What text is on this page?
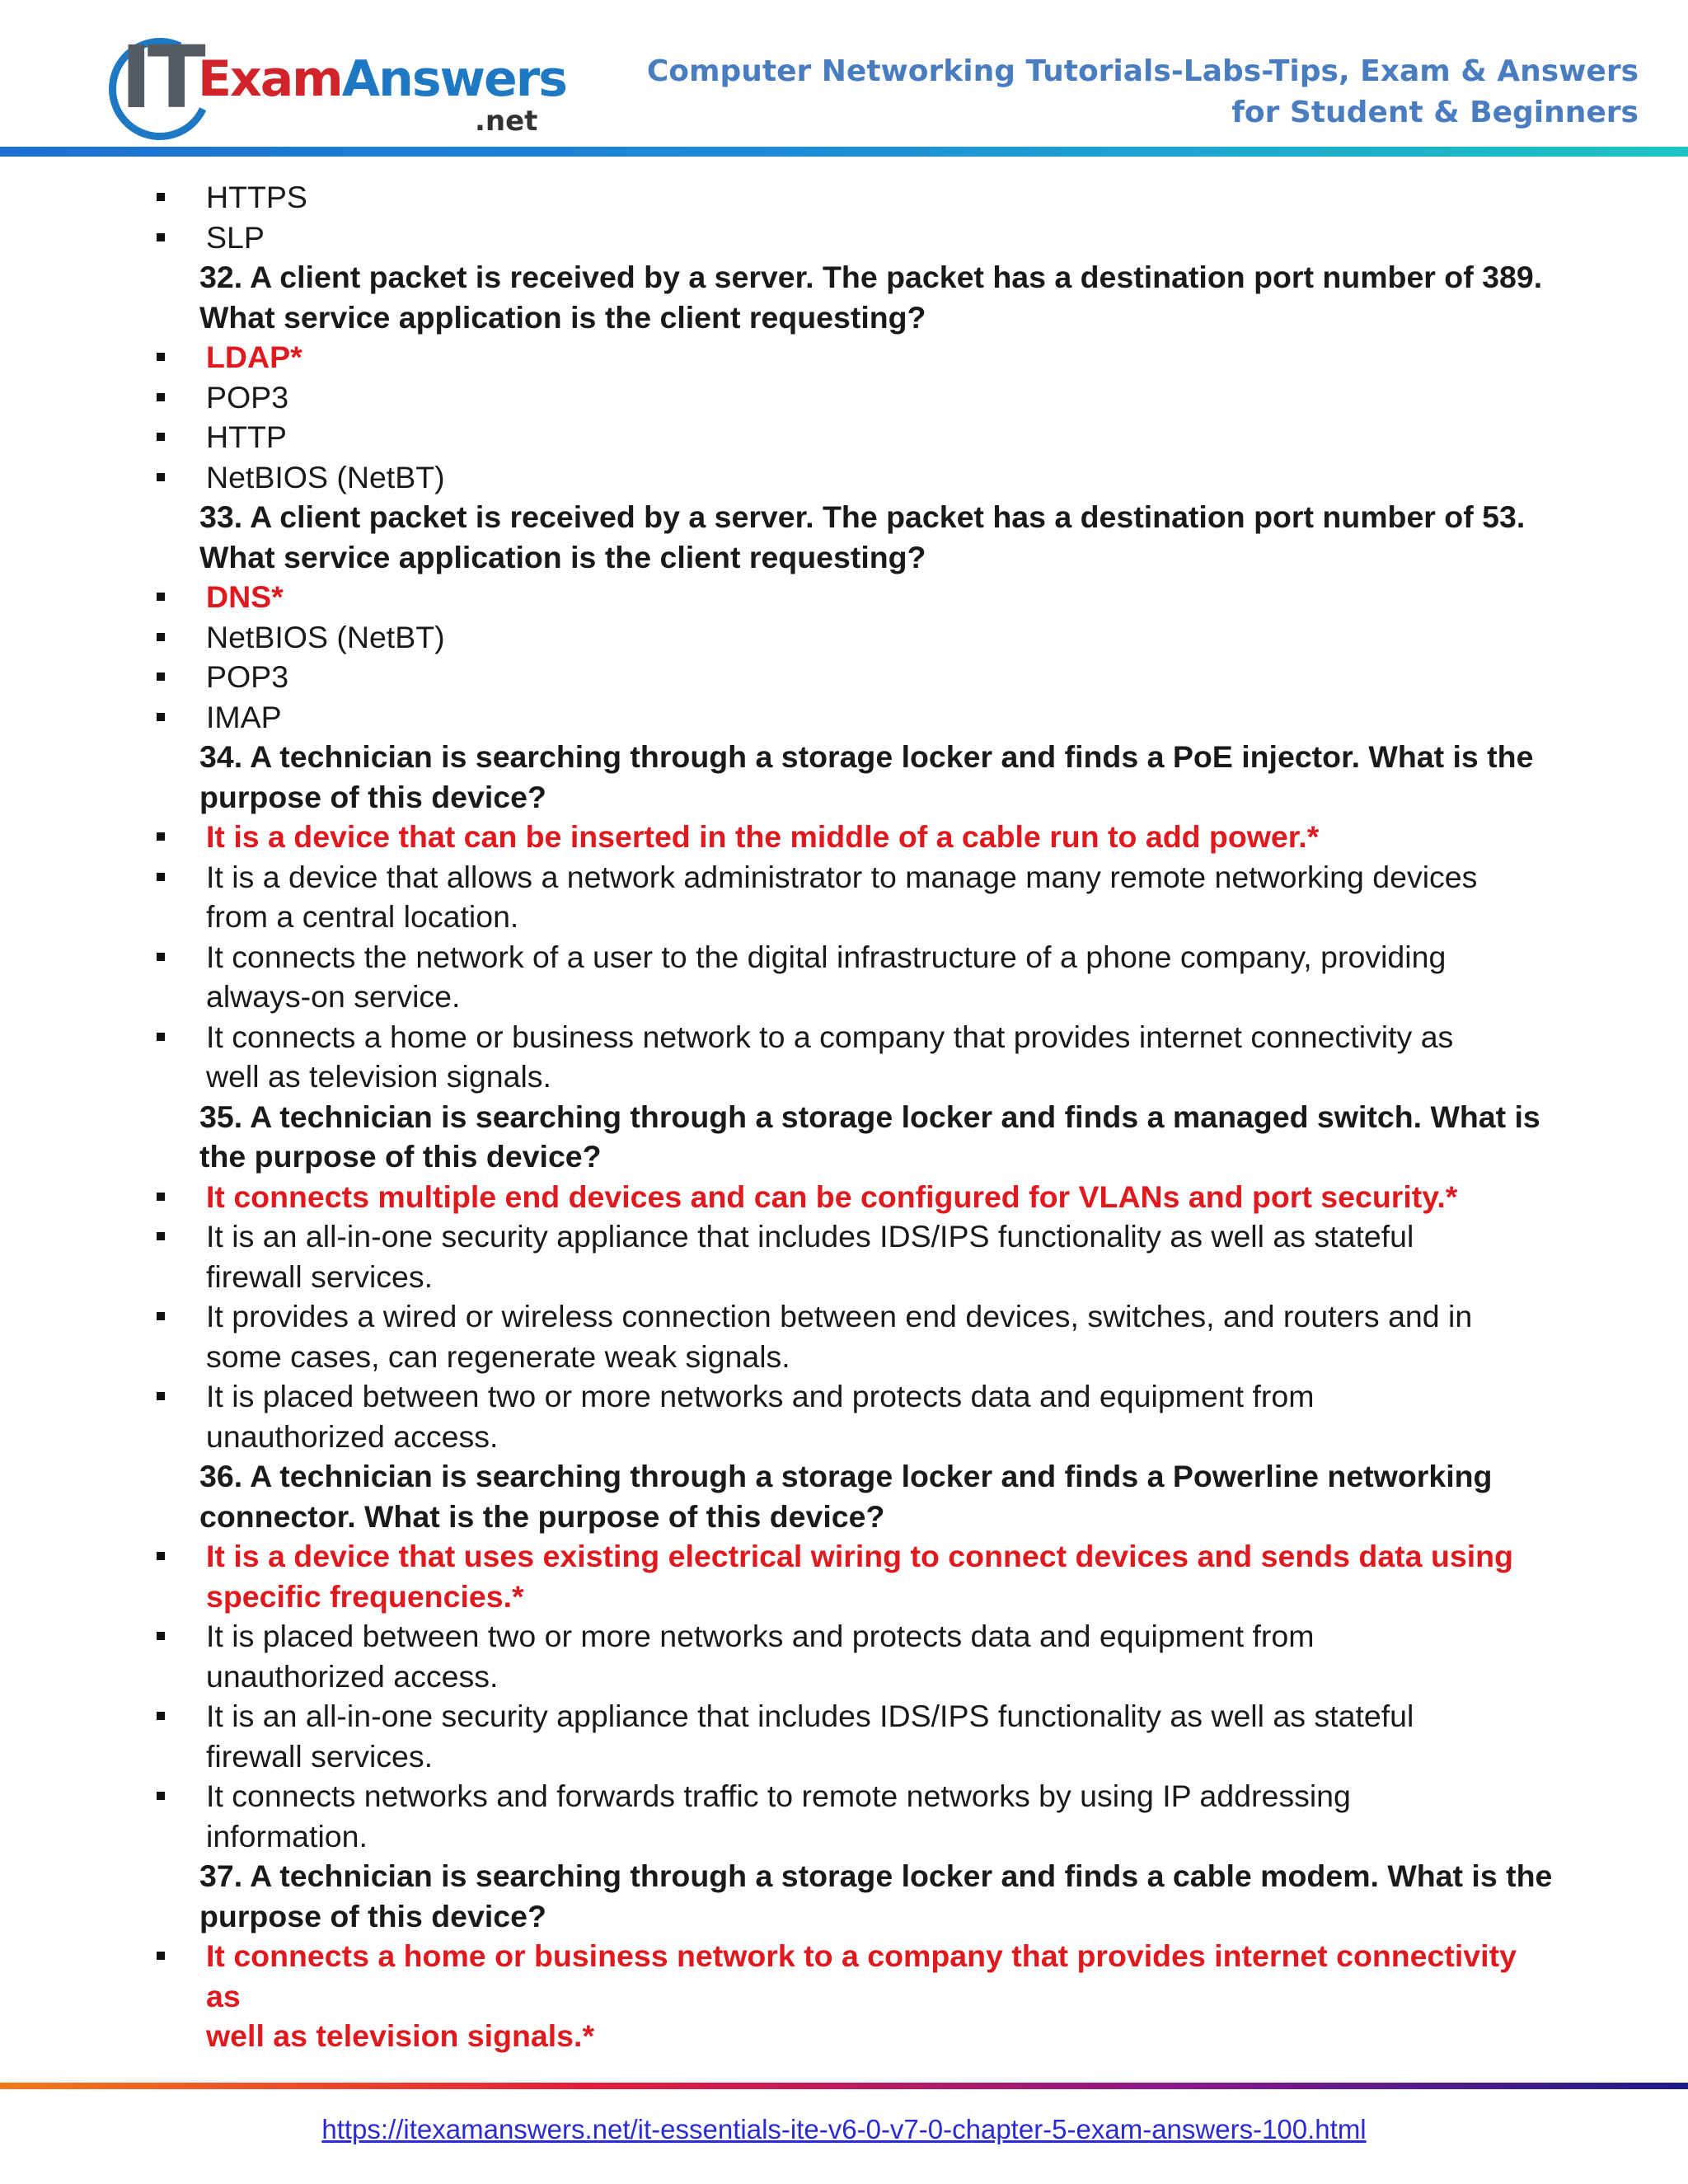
IT
ExamAnswers
.net
Computer Networking Tutorials-Labs-Tips, Exam & Answers
for Student & Beginners
HTTPS
SLP
32. A client packet is received by a server. The packet has a destination port number of 389.
What service application is the client requesting?
LDAP*
POP3
HTTP
NetBIOS (NetBT)
33. A client packet is received by a server. The packet has a destination port number of 53.
What service application is the client requesting?
DNS*
NetBIOS (NetBT)
POP3
IMAP
34. A technician is searching through a storage locker and finds a PoE injector. What is the
purpose of this device?
It is a device that can be inserted in the middle of a cable run to add power.*
It is a device that allows a network administrator to manage many remote networking devices
from a central location.
It connects the network of a user to the digital infrastructure of a phone company, providing
always-on service.
It connects a home or business network to a company that provides internet connectivity as
well as television signals.
35. A technician is searching through a storage locker and finds a managed switch. What is
the purpose of this device?
It connects multiple end devices and can be configured for VLANs and port security.*
It is an all-in-one security appliance that includes IDS/IPS functionality as well as stateful
firewall services.
It provides a wired or wireless connection between end devices, switches, and routers and in
some cases, can regenerate weak signals.
It is placed between two or more networks and protects data and equipment from
unauthorized access.
36. A technician is searching through a storage locker and finds a Powerline networking
connector. What is the purpose of this device?
It is a device that uses existing electrical wiring to connect devices and sends data using
specific frequencies.*
It is placed between two or more networks and protects data and equipment from
unauthorized access.
It is an all-in-one security appliance that includes IDS/IPS functionality as well as stateful
firewall services.
It connects networks and forwards traffic to remote networks by using IP addressing
information.
37. A technician is searching through a storage locker and finds a cable modem. What is the
purpose of this device?
It connects a home or business network to a company that provides internet connectivity as
well as television signals.*
https://itexamanswers.net/it-essentials-ite-v6-0-v7-0-chapter-5-exam-answers-100.html
